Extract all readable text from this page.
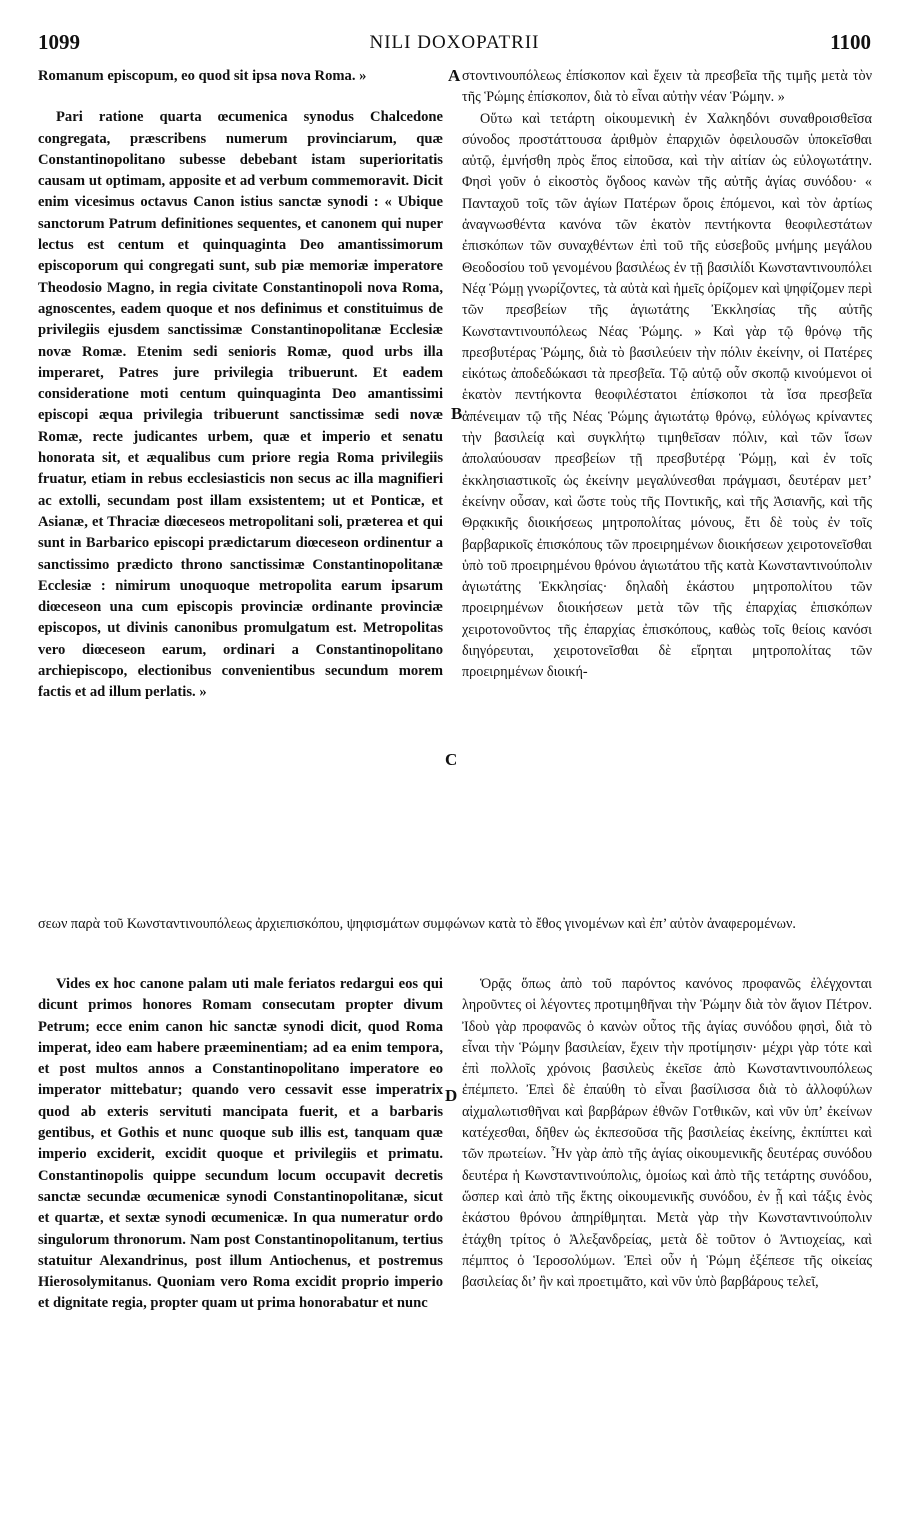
1099	NILI DOXOPATRII	1100

Romanum episcopum, eo quod sit ipsa nova Roma. »

Pari ratione quarta œcumenica synodus Chalcedone congregata, præscribens numerum provinciarum, quæ Constantinopolitano subesse debebant istam superioritatis causam ut optimam, apposite et ad verbum commemoravit. Dicit enim vicesimus octavus Canon istius sanctæ synodi : « Ubique sanctorum Patrum definitiones sequentes, et canonem qui nuper lectus est centum et quinquaginta Deo amantissimorum episcoporum qui congregati sunt, sub piæ memoriæ imperatore Theodosio Magno, in regia civitate Constantinopoli nova Roma, agnoscentes, eadem quoque et nos definimus et constituimus de privilegiis ejusdem sanctissimæ Constantinopolitanæ Ecclesiæ novæ Romæ. Etenim sedi senioris Romæ, quod urbs illa imperaret, Patres jure privilegia tribuerunt. Et eadem consideratione moti centum quinquaginta Deo amantissimi episcopi æqua privilegia tribuerunt sanctissimæ sedi novæ Romæ, recte judicantes urbem, quæ et imperio et senatu honorata sit, et æqualibus cum priore regia Roma privilegiis fruatur, etiam in rebus ecclesiasticis non secus ac illa magnifieri ac extolli, secundam post illam exsistentem; ut et Ponticæ, et Asianæ, et Thraciæ diœceseos metropolitani soli, præterea et qui sunt in Barbarico episcopi prædictarum diœceseon ordinentur a sanctissimo prædicto throno sanctissimæ Constantinopolitanæ Ecclesiæ : nimirum unoquoque metropolita earum ipsarum diœceseon una cum episcopis provinciæ ordinante provinciæ episcopos, ut divinis canonibus promulgatum est. Metropolitas vero diœceseon earum, ordinari a Constantinopolitano archiepiscopo, electionibus convenientibus secundum morem factis et ad illum perlatis. »

στοντινουπόλεως ἐπίσκοπον καὶ ἔχειν τὰ πρεσβεῖα τῆς τιμῆς μετὰ τὸν τῆς Ῥώμης ἐπίσκοπον, διὰ τὸ εἶναι αὐτὴν νέαν Ῥώμην. »

Οὕτω καὶ τετάρτη οἰκουμενικὴ ἐν Χαλκηδόνι συναθροισθεῖσα σύνοδος προστάττουσα ἀριθμὸν ἐπαρχιῶν ὀφειλουσῶν ὑποκεῖσθαι αὐτῷ, ἐμνήσθη πρὸς ἔπος εἰποῦσα, καὶ τὴν αἰτίαν ὡς εὐλογωτάτην. Φησὶ γοῦν ὁ εἰκοστὸς ὄγδοος κανὼν τῆς αὐτῆς ἁγίας συνόδου· « Πανταχοῦ τοῖς τῶν ἁγίων Πατέρων ὅροις ἑπόμενοι, καὶ τὸν ἀρτίως ἀναγνωσθέντα κανόνα τῶν ἑκατὸν πεντήκοντα θεοφιλεστάτων ἐπισκόπων τῶν συναχθέντων ἐπὶ τοῦ τῆς εὐσεβοῦς μνήμης μεγάλου Θεοδοσίου τοῦ γενομένου βασιλέως ἐν τῇ βασιλίδι Κωνσταντινουπόλει Νέᾳ Ῥώμῃ γνωρίζοντες, τὰ αὐτὰ καὶ ἡμεῖς ὁρίζομεν καὶ ψηφίζομεν περὶ τῶν πρεσβείων τῆς ἁγιωτάτης Ἐκκλησίας τῆς αὐτῆς Κωνσταντινουπόλεως Νέας Ῥώμης. » Καὶ γὰρ τῷ θρόνῳ τῆς πρεσβυτέρας Ῥώμης, διὰ τὸ βασιλεύειν τὴν πόλιν ἐκείνην, οἱ Πατέρες εἰκότως ἀποδεδώκασι τὰ πρεσβεῖα. Τῷ αὐτῷ οὖν σκοπῷ κινούμενοι οἱ ἑκατὸν πεντήκοντα θεοφιλέστατοι ἐπίσκοποι τὰ ἴσα πρεσβεῖα ἀπένειμαν τῷ τῆς Νέας Ῥώμης ἁγιωτάτῳ θρόνῳ, εὐλόγως κρίναντες τὴν βασιλείᾳ καὶ συγκλήτῳ τιμηθεῖσαν πόλιν, καὶ τῶν ἴσων ἀπολαύουσαν πρεσβείων τῇ πρεσβυτέρᾳ Ῥώμῃ, καὶ ἐν τοῖς ἐκκλησιαστικοῖς ὡς ἐκείνην μεγαλύνεσθαι πράγμασι, δευτέραν μετ’ ἐκείνην οὖσαν, καὶ ὥστε τοὺς τῆς Ποντικῆς, καὶ τῆς Ἀσιανῆς, καὶ τῆς Θρᾳκικῆς διοικήσεως μητροπολίτας μόνους, ἔτι δὲ τοὺς ἐν τοῖς βαρβαρικοῖς ἐπισκόπους τῶν προειρημένων διοικήσεων χειροτονεῖσθαι ὑπὸ τοῦ προειρημένου θρόνου ἁγιωτάτου τῆς κατὰ Κωνσταντινούπολιν ἁγιωτάτης Ἐκκλησίας· δηλαδὴ ἑκάστου μητροπολίτου τῶν προειρημένων διοικήσεων μετὰ τῶν τῆς ἐπαρχίας ἐπισκόπων χειροτονοῦντος τῆς ἐπαρχίας ἐπισκόπους, καθὼς τοῖς θείοις κανόσι διηγόρευται, χειροτονεῖσθαι δὲ εἴρηται μητροπολίτας τῶν προειρημένων διοική-

A
B
C
D
σεων παρὰ τοῦ Κωνσταντινουπόλεως ἀρχιεπισκόπου, ψηφισμάτων συμφώνων κατὰ τὸ ἔθος γινομένων καὶ ἐπ’ αὐτὸν ἀναφερομένων.

Vides ex hoc canone palam uti male feriatos redargui eos qui dicunt primos honores Romam consecutam propter divum Petrum; ecce enim canon hic sanctæ synodi dicit, quod Roma imperat, ideo eam habere præeminentiam; ad ea enim tempora, et post multos annos a Constantinopolitano imperatore eo imperator mittebatur; quando vero cessavit esse imperatrix quod ab exteris servituti mancipata fuerit, et a barbaris gentibus, et Gothis et nunc quoque sub illis est, tanquam quæ imperio exciderit, excidit quoque et privilegiis et primatu. Constantinopolis quippe secundum locum occupavit decretis sanctæ secundæ œcumenicæ synodi Constantinopolitanæ, sicut et quartæ, et sextæ synodi œcumenicæ. In qua numeratur ordo singulorum thronorum. Nam post Constantinopolitanum, tertius statuitur Alexandrinus, post illum Antiochenus, et postremus Hierosolymitanus. Quoniam vero Roma excidit proprio imperio et dignitate regia, propter quam ut prima honorabatur et nunc

Ὁρᾷς ὅπως ἀπὸ τοῦ παρόντος κανόνος προφανῶς ἐλέγχονται ληροῦντες οἱ λέγοντες προτιμηθῆναι τὴν Ῥώμην διὰ τὸν ἅγιον Πέτρον. Ἰδοὺ γὰρ προφανῶς ὁ κανὼν οὗτος τῆς ἁγίας συνόδου φησὶ, διὰ τὸ εἶναι τὴν Ῥώμην βασιλείαν, ἔχειν τὴν προτίμησιν· μέχρι γὰρ τότε καὶ ἐπὶ πολλοῖς χρόνοις βασιλεὺς ἐκεῖσε ἀπὸ Κωνσταντινουπόλεως ἐπέμπετο. Ἐπεὶ δὲ ἐπαύθη τὸ εἶναι βασίλισσα διὰ τὸ ἀλλοφύλων αἰχμαλωτισθῆναι καὶ βαρβάρων ἐθνῶν Γοτθικῶν, καὶ νῦν ὑπ’ ἐκείνων κατέχεσθαι, δῆθεν ὡς ἐκπεσοῦσα τῆς βασιλείας ἐκείνης, ἐκπίπτει καὶ τῶν πρωτείων. Ἦν γὰρ ἀπὸ τῆς ἁγίας οἰκουμενικῆς δευτέρας συνόδου δευτέρα ἡ Κωνσταντινούπολις, ὁμοίως καὶ ἀπὸ τῆς τετάρτης συνόδου, ὥσπερ καὶ ἀπὸ τῆς ἕκτης οἰκουμενικῆς συνόδου, ἐν ᾗ καὶ τάξις ἑνὸς ἑκάστου θρόνου ἀπηρίθμηται. Μετὰ γὰρ τὴν Κωνσταντινούπολιν ἐτάχθη τρίτος ὁ Ἀλεξανδρείας, μετὰ δὲ τοῦτον ὁ Ἀντιοχείας, καὶ πέμπτος ὁ Ἱεροσολύμων. Ἐπεὶ οὖν ἡ Ῥώμη ἐξέπεσε τῆς οἰκείας βασιλείας δι’ ἣν καὶ προετιμᾶτο, καὶ νῦν ὑπὸ βαρβάρους τελεῖ,
